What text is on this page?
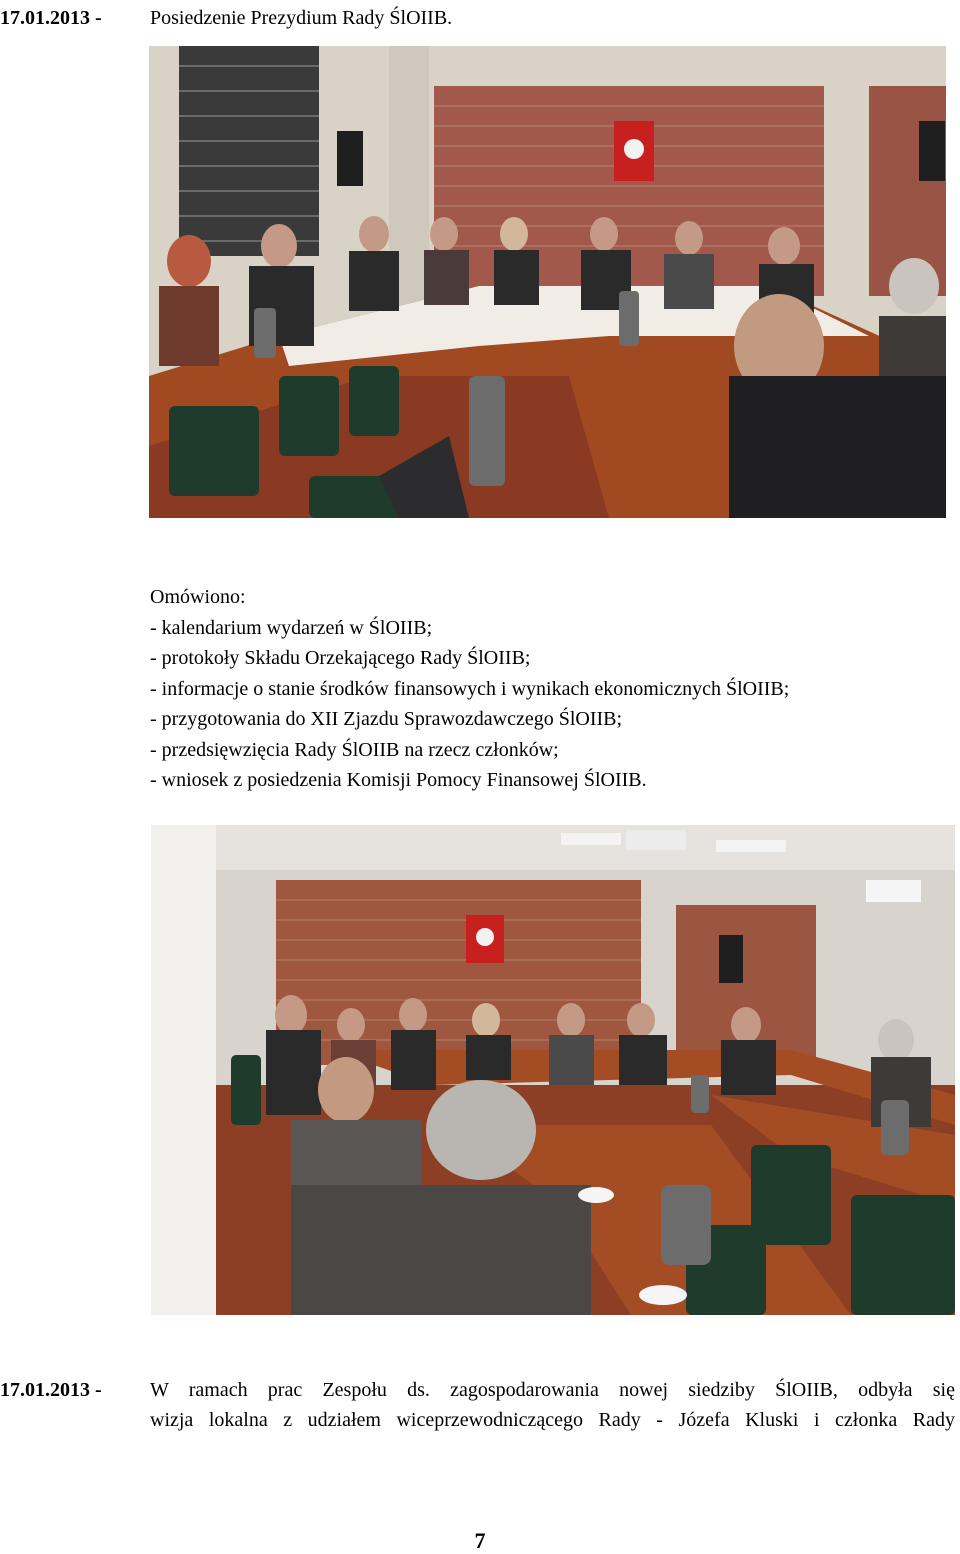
17.01.2013 - Posiedzenie Prezydium Rady ŚlOIIB.
Omówiono:
- kalendarium wydarzeń w ŚlOIIB;
- protokoły Składu Orzekającego Rady ŚlOIIB;
- informacje o stanie środków finansowych i wynikach ekonomicznych ŚlOIIB;
- przygotowania do XII Zjazdu Sprawozdawczego ŚlOIIB;
- przedsięwzięcia Rady ŚlOIIB na rzecz członków;
- wniosek z posiedzenia Komisji Pomocy Finansowej ŚlOIIB.
17.01.2013 - W ramach prac Zespołu ds. zagospodarowania nowej siedziby ŚlOIIB, odbyła się
wizja lokalna z udziałem wiceprzewodniczącego Rady - Józefa Kluski i członka Rady
7
